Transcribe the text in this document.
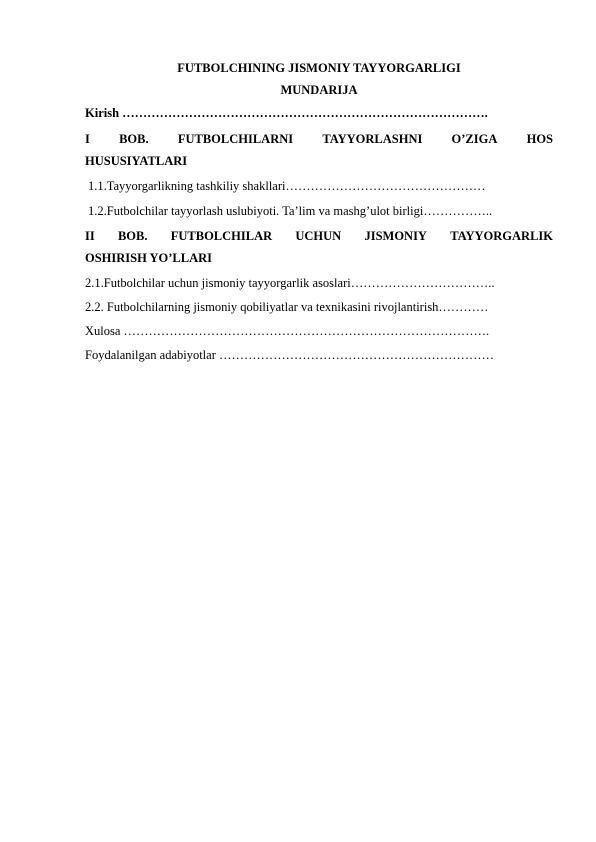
FUTBOLCHINING JISMONIY TAYYORGARLIGI
MUNDARIJA
Kirish …………………………………………………………………………….
I BOB. FUTBOLCHILARNI TAYYORLASHNI O’ZIGA HOS
HUSUSIYATLARI
1.1.Tayyorgarlikning tashkiliy shakllari…………………………………………
1.2.Futbolchilar tayyorlash uslubiyoti. Ta’lim va mashg’ulot birligi……………..
II BOB. FUTBOLCHILAR UCHUN JISMONIY TAYYORGARLIK
OSHIRISH YO’LLARI
2.1.Futbolchilar uchun jismoniy tayyorgarlik asoslari……………………………..
2.2. Futbolchilarning jismoniy qobiliyatlar va texnikasini rivojlantirish…………
Xulosa …………………………………………………………………………….
Foydalanilgan adabiyotlar …………………………………………………………
